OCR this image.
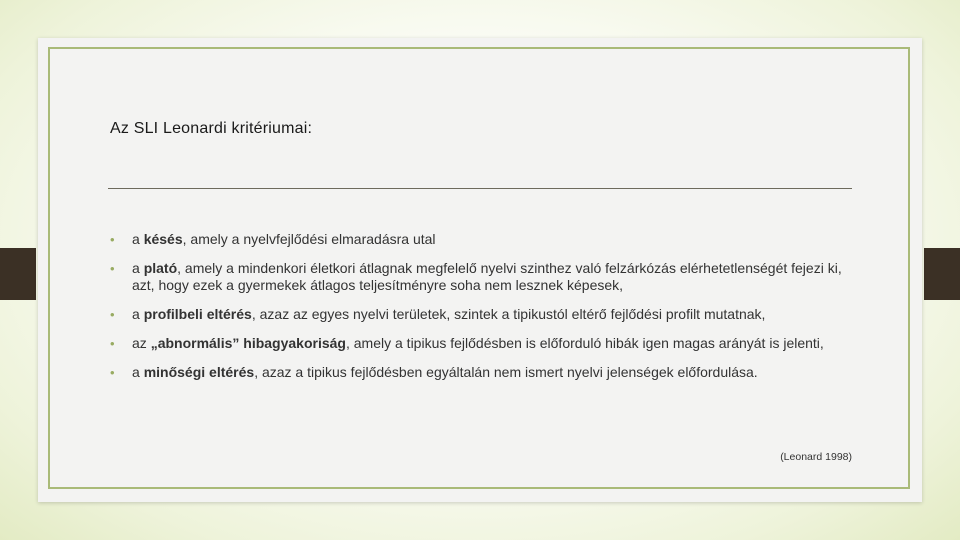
Az SLI Leonardi kritériumai:
• a késés, amely a nyelvfejlődési elmaradásra utal
• a plató, amely a mindenkori életkori átlagnak megfelelő nyelvi szinthez való felzárkózás elérhetetlenségét fejezi ki, azt, hogy ezek a gyermekek átlagos teljesítményre soha nem lesznek képesek,
• a profilbeli eltérés, azaz az egyes nyelvi területek, szintek a tipikustól eltérő fejlődési profilt mutatnak,
• az „abnormális” hibagyakoriság, amely a tipikus fejlődésben is előforduló hibák igen magas arányát is jelenti,
• a minőségi eltérés, azaz a tipikus fejlődésben egyáltalán nem ismert nyelvi jelenségek előfordulása.
(Leonard 1998)
